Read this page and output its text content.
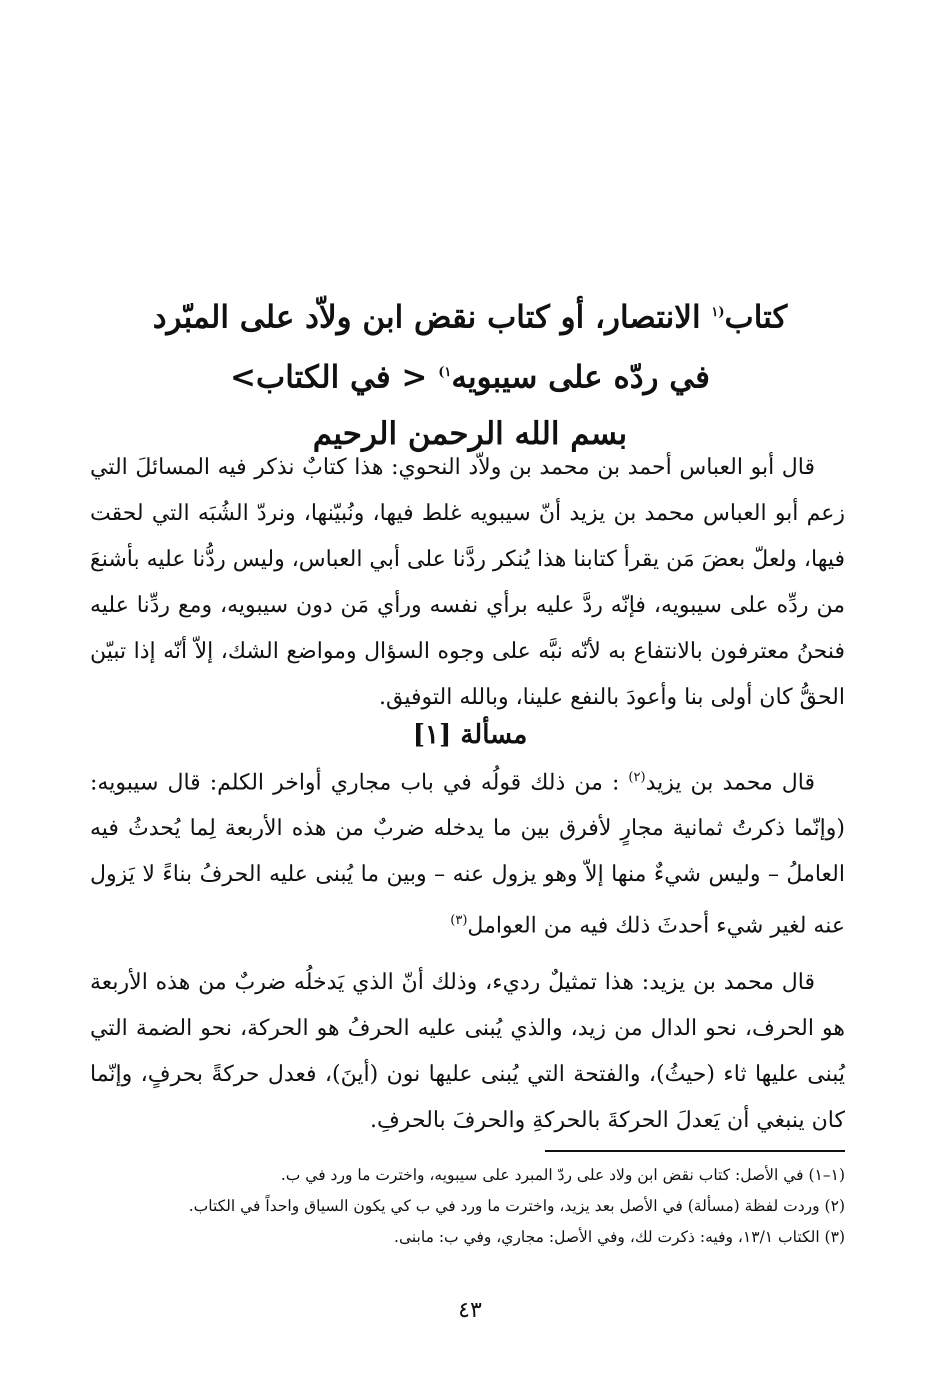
كتاب$^{(١}$ الانتصار، أو كتاب نقض ابن ولاّد على المبّرد
في ردّه على سيبويه$^{١)}$ < في الكتاب>
بسم الله الرحمن الرحيم

قال أبو العباس أحمد بن محمد بن ولاّد النحوي: هذا كتابٌ نذكر فيه المسائلَ التي زعم أبو العباس محمد بن يزيد أنّ سيبويه غلط فيها، ونُبيّنها، ونردّ الشُبَه التي لحقت فيها، ولعلّ بعضَ مَن يقرأ كتابنا هذا يُنكر ردَّنا على أبي العباس، وليس ردُّنا عليه بأشنعَ من ردِّه على سيبويه، فإنّه ردَّ عليه برأي نفسه ورأي مَن دون سيبويه، ومع ردِّنا عليه فنحنُ معترفون بالانتفاع به لأنّه نبَّه على وجوه السؤال ومواضع الشك، إلاّ أنّه إذا تبيّن الحقُّ كان أولى بنا وأعودَ بالنفع علينا، وبالله التوفيق.

مسألة [١]

قال محمد بن يزيد$^{(٢)}$ : من ذلك قولُه في باب مجاري أواخر الكلم: قال سيبويه: (وإنّما ذكرتُ ثمانية مجارٍ لأفرق بين ما يدخله ضربٌ من هذه الأربعة لِما يُحدثُ فيه العاملُ – وليس شيءٌ منها إلاّ وهو يزول عنه – وبين ما يُبنى عليه الحرفُ بناءً لا يَزول عنه لغير شيء أحدثَ ذلك فيه من العوامل$^{(٣)}$

قال محمد بن يزيد: هذا تمثيلٌ رديء، وذلك أنّ الذي يَدخلُه ضربٌ من هذه الأربعة هو الحرف، نحو الدال من زيد، والذي يُبنى عليه الحرفُ هو الحركة، نحو الضمة التي يُبنى عليها ثاء (حيثُ)، والفتحة التي يُبنى عليها نون (أينَ)، فعدل حركةً بحرفٍ، وإنّما كان ينبغي أن يَعدلَ الحركةَ بالحركةِ والحرفَ بالحرفِ.

(١–١) في الأصل: كتاب نقض ابن ولاد على ردّ المبرد على سيبويه، واخترت ما ورد في ب.
(٢) وردت لفظة (مسألة) في الأصل بعد يزيد، واخترت ما ورد في ب كي يكون السياق واحداً في الكتاب.
(٣) الكتاب ١٣/١، وفيه: ذكرت لك، وفي الأصل: مجاري، وفي ب: مابنى.
٤٣
